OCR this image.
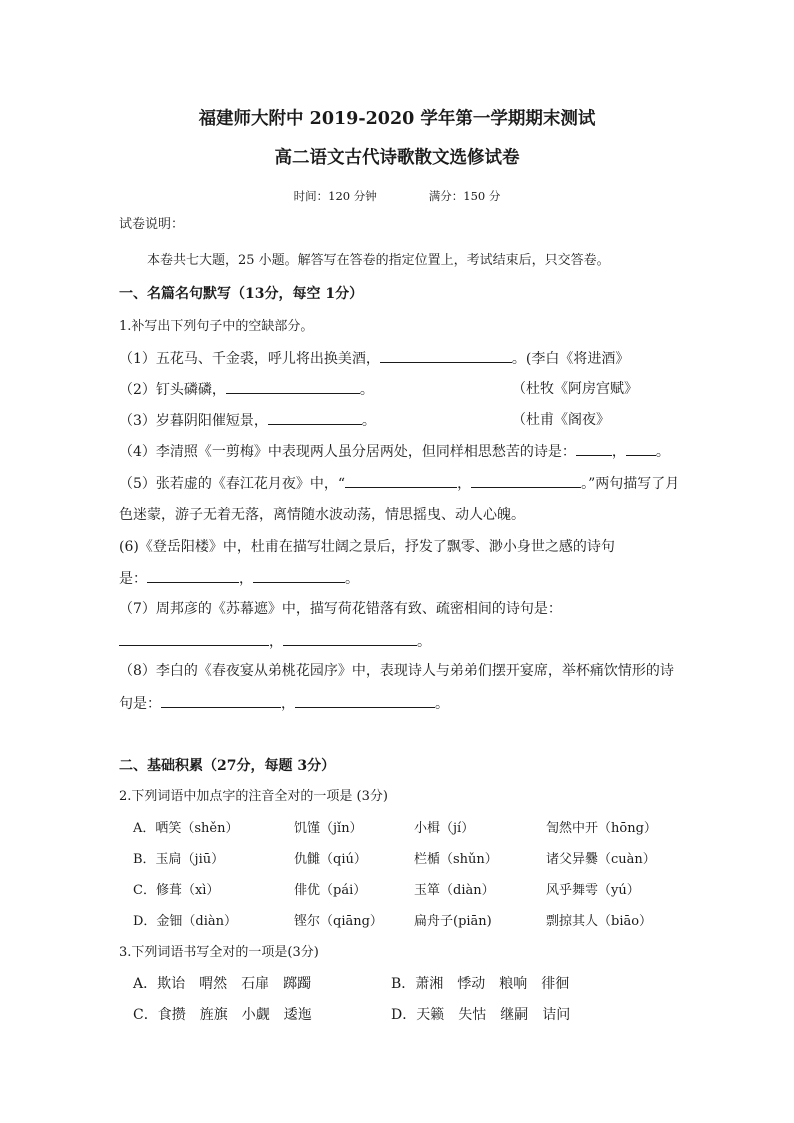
福建师大附中 2019-2020 学年第一学期期末测试
高二语文古代诗歌散文选修试卷
时间：120 分钟	满分：150 分
试卷说明：
本卷共七大题，25 小题。解答写在答卷的指定位置上，考试结束后，只交答卷。
一、名篇名句默写（13分，每空 1分）
1.补写出下列句子中的空缺部分。
（1）五花马、千金裘，呼儿将出换美酒，	。(李白《将进酒》
（2）钉头磷磷，	。	（杜牧《阿房宫赋》
（3）岁暮阴阳催短景，	。	（杜甫《阁夜》
（4）李清照《一剪梅》中表现两人虽分居两处，但同样相思愁苦的诗是：	， 。
（5）张若虚的《春江花月夜》中，“	，	。”两句描写了月
色迷蒙，游子无着无落，离情随水波动荡，情思摇曳、动人心魄。
(6)《登岳阳楼》中，杜甫在描写壮阔之景后，抒发了飘零、渺小身世之感的诗句
是：	，	。
（7）周邦彦的《苏幕遮》中，描写荷花错落有致、疏密相间的诗句是：
，	。
（8）李白的《春夜宴从弟桃花园序》中，表现诗人与弟弟们摆开宴席，举杯痛饮情形的诗
句是：	，	。
二、基础积累（27分，每题 3分）
2.下列词语中加点字的注音全对的一项是 (3分)
A．哂笑（shěn）	饥馑（jǐn）	小楫（jí）	訇然中开（hōng）
B．玉扃（jiū）	仇雠（qiú）	栏楯（shǔn）	诸父异爨（cuàn）
C．修葺（xì）	俳优（pái）	玉箪（diàn）	风乎舞雩（yú）
D．金钿（diàn）	铿尔（qiāng） 扁舟子(piān)	剽掠其人（biāo）
3.下列词语书写全对的一项是(3分)
A．欺诒　喟然　石扉　踯躅	B．萧湘　悸动　粮响　徘徊
C．食攒　旌旗　小觑　逶迤	D．天籁　失怙　继嗣　诘问
